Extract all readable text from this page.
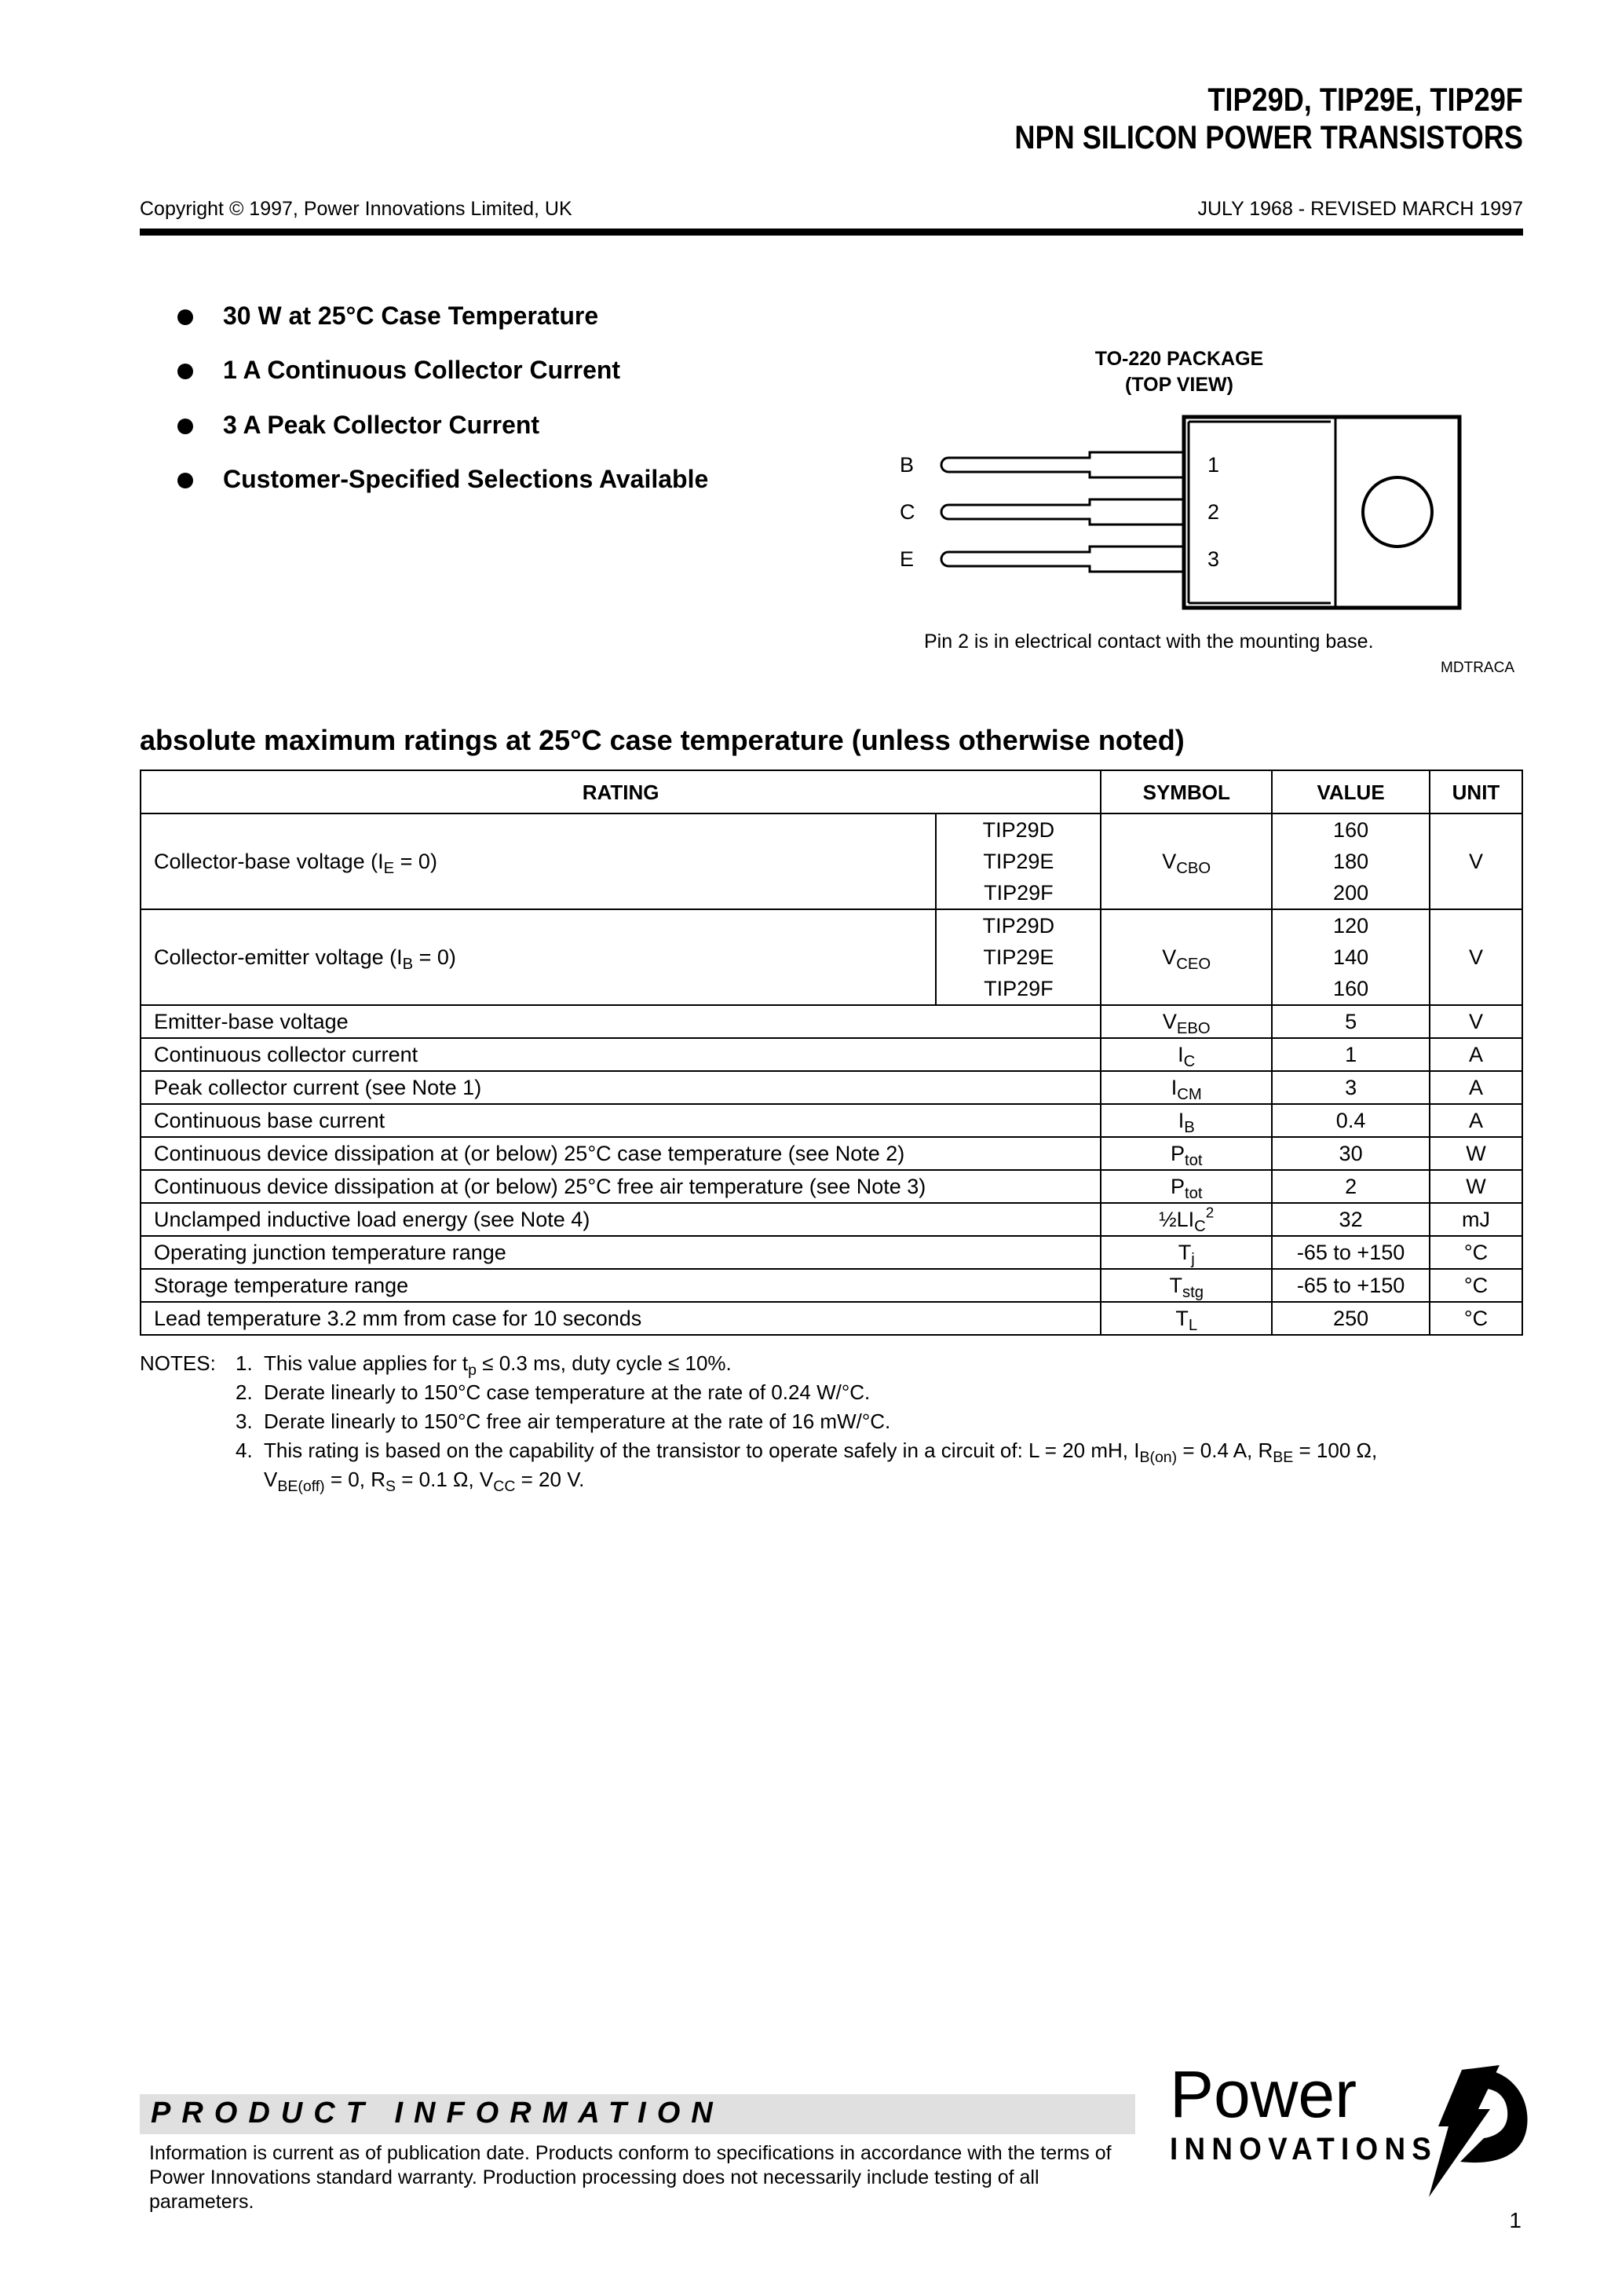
TIP29D, TIP29E, TIP29F
NPN SILICON POWER TRANSISTORS
Copyright © 1997, Power Innovations Limited, UK	JULY 1968 - REVISED MARCH 1997
30 W at 25°C Case Temperature
1 A Continuous Collector Current
3 A Peak Collector Current
Customer-Specified Selections Available
TO-220 PACKAGE
(TOP VIEW)
B
C
E
1
2
3
Pin 2 is in electrical contact with the mounting base.
MDTRACA
absolute maximum ratings at 25°C case temperature (unless otherwise noted)
RATING		SYMBOL	VALUE	UNIT
Collector-base voltage $(I_E = 0)$	TIP29D	$V_{CBO}$	160	V
	TIP29E		180	
	TIP29F		200	
Collector-emitter voltage $(I_B = 0)$	TIP29D	$V_{CEO}$	120	V
	TIP29E		140	
	TIP29F		160	
Emitter-base voltage		$V_{EBO}$	5	V
Continuous collector current		$I_C$	1	A
Peak collector current (see Note 1)		$I_{CM}$	3	A
Continuous base current		$I_B$	0.4	A
Continuous device dissipation at (or below) 25°C case temperature (see Note 2)		$P_{tot}$	30	W
Continuous device dissipation at (or below) 25°C free air temperature (see Note 3)		$P_{tot}$	2	W
Unclamped inductive load energy (see Note 4)		$\frac{1}{2}LI_C^2$	32	mJ
Operating junction temperature range		$T_j$	-65 to +150	°C
Storage temperature range		$T_{stg}$	-65 to +150	°C
Lead temperature 3.2 mm from case for 10 seconds		$T_L$	250	°C
NOTES: 1. This value applies for $t_p \le 0.3$ ms, duty cycle ≤ 10%.
2. Derate linearly to 150°C case temperature at the rate of 0.24 W/°C.
3. Derate linearly to 150°C free air temperature at the rate of 16 mW/°C.
4. This rating is based on the capability of the transistor to operate safely in a circuit of: L = 20 mH, $I_{B(on)} = 0.4$ A, $R_{BE} = 100$ Ω,
$V_{BE(off)} = 0$, $R_S = 0.1$ Ω, $V_{CC} = 20$ V.
PRODUCT INFORMATION
Information is current as of publication date. Products conform to specifications in accordance with the terms of Power Innovations standard warranty. Production processing does not necessarily include testing of all parameters.
Power
INNOVATIONS
1
